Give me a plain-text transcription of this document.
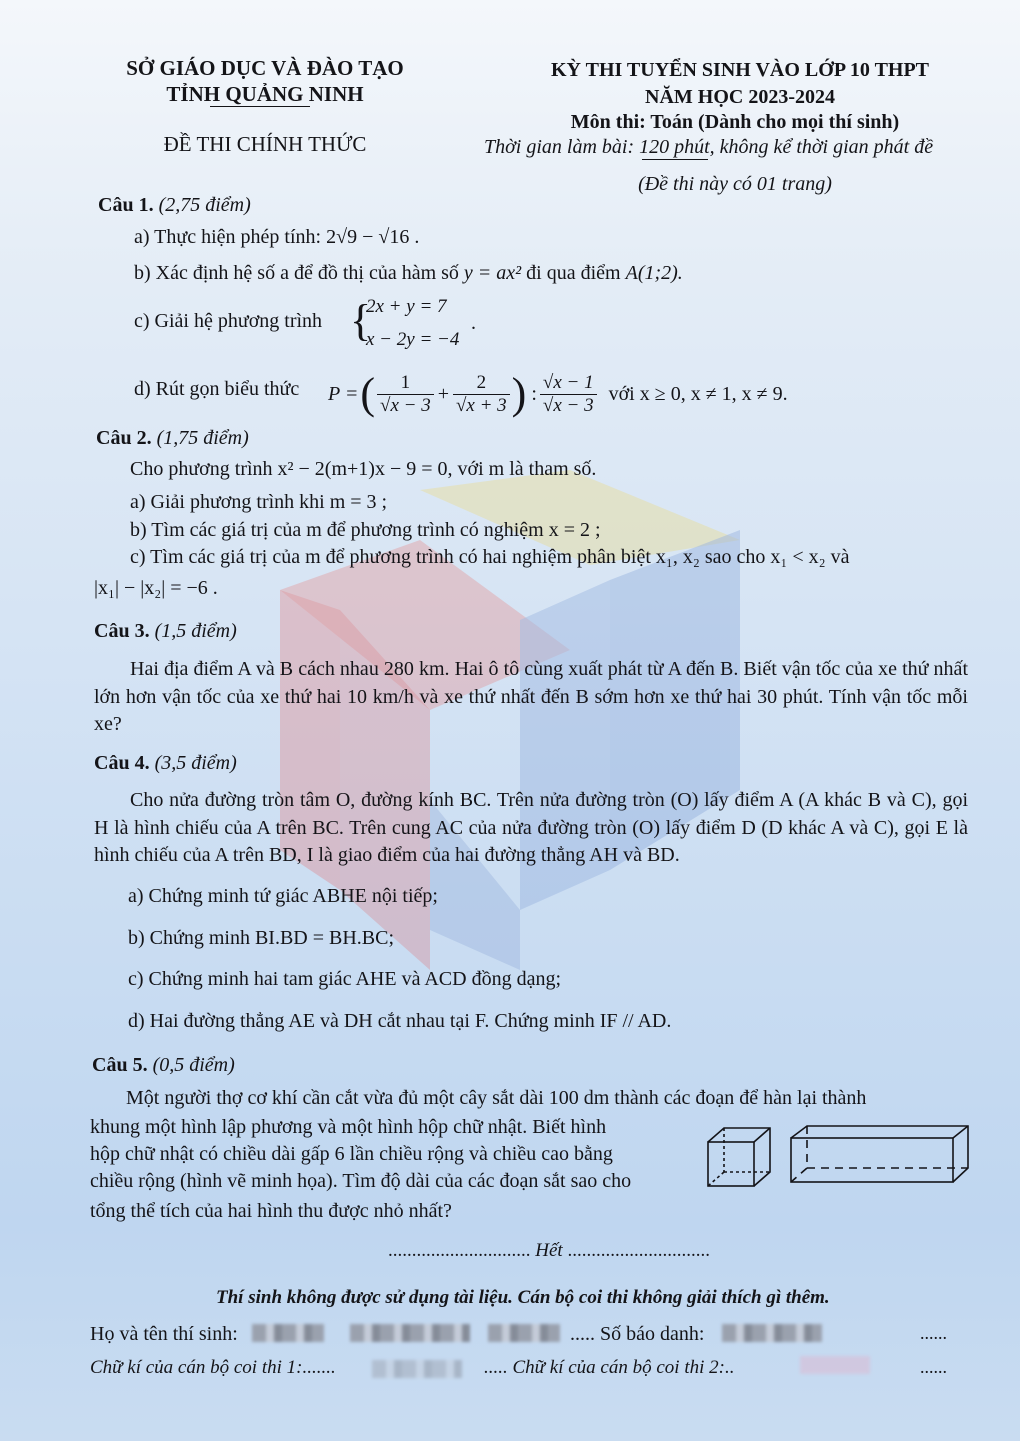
SỞ GIÁO DỤC VÀ ĐÀO TẠO
TỈNH QUẢNG NINH
ĐỀ THI CHÍNH THỨC
KỲ THI TUYỂN SINH VÀO LỚP 10 THPT
NĂM HỌC 2023-2024
Môn thi: Toán (Dành cho mọi thí sinh)
Thời gian làm bài: 120 phút, không kể thời gian phát đề
(Đề thi này có 01 trang)
Câu 1. (2,75 điểm)
a) Thực hiện phép tính: 2√9 − √16 .
b) Xác định hệ số a để đồ thị của hàm số y = ax² đi qua điểm A(1;2).
c) Giải hệ phương trình {
2x + y = 7
x − 2y = −4
.
d) Rút gọn biểu thức P = ( $\frac{1}{√x - 3} + \frac{2}{√x + 3}$ ) : $\frac{√x - 1}{√x - 3}$ với x ≥ 0, x ≠ 1, x ≠ 9.
Câu 2. (1,75 điểm)
Cho phương trình x² − 2(m+1)x − 9 = 0, với m là tham số.
a) Giải phương trình khi m = 3 ;
b) Tìm các giá trị của m để phương trình có nghiệm x = 2 ;
c) Tìm các giá trị của m để phương trình có hai nghiệm phân biệt x₁, x₂ sao cho x₁ < x₂ và
|x₁| − |x₂| = −6 .
Câu 3. (1,5 điểm)
Hai địa điểm A và B cách nhau 280 km. Hai ô tô cùng xuất phát từ A đến B. Biết vận tốc của xe thứ nhất lớn hơn vận tốc của xe thứ hai 10 km/h và xe thứ nhất đến B sớm hơn xe thứ hai 30 phút. Tính vận tốc mỗi xe?
Câu 4. (3,5 điểm)
Cho nửa đường tròn tâm O, đường kính BC. Trên nửa đường tròn (O) lấy điểm A (A khác B và C), gọi H là hình chiếu của A trên BC. Trên cung AC của nửa đường tròn (O) lấy điểm D (D khác A và C), gọi E là hình chiếu của A trên BD, I là giao điểm của hai đường thẳng AH và BD.
a) Chứng minh tứ giác ABHE nội tiếp;
b) Chứng minh BI.BD = BH.BC;
c) Chứng minh hai tam giác AHE và ACD đồng dạng;
d) Hai đường thẳng AE và DH cắt nhau tại F. Chứng minh IF // AD.
Câu 5. (0,5 điểm)
Một người thợ cơ khí cần cắt vừa đủ một cây sắt dài 100 dm thành các đoạn để hàn lại thành
khung một hình lập phương và một hình hộp chữ nhật. Biết hình
hộp chữ nhật có chiều dài gấp 6 lần chiều rộng và chiều cao bằng
chiều rộng (hình vẽ minh họa). Tìm độ dài của các đoạn sắt sao cho
tổng thể tích của hai hình thu được nhỏ nhất?
.............................. Hết ..............................
Thí sinh không được sử dụng tài liệu. Cán bộ coi thi không giải thích gì thêm.
Họ và tên thí sinh:	..... Số báo danh:	......
Chữ kí của cán bộ coi thi 1:.......	..... Chữ kí của cán bộ coi thi 2:..	......
